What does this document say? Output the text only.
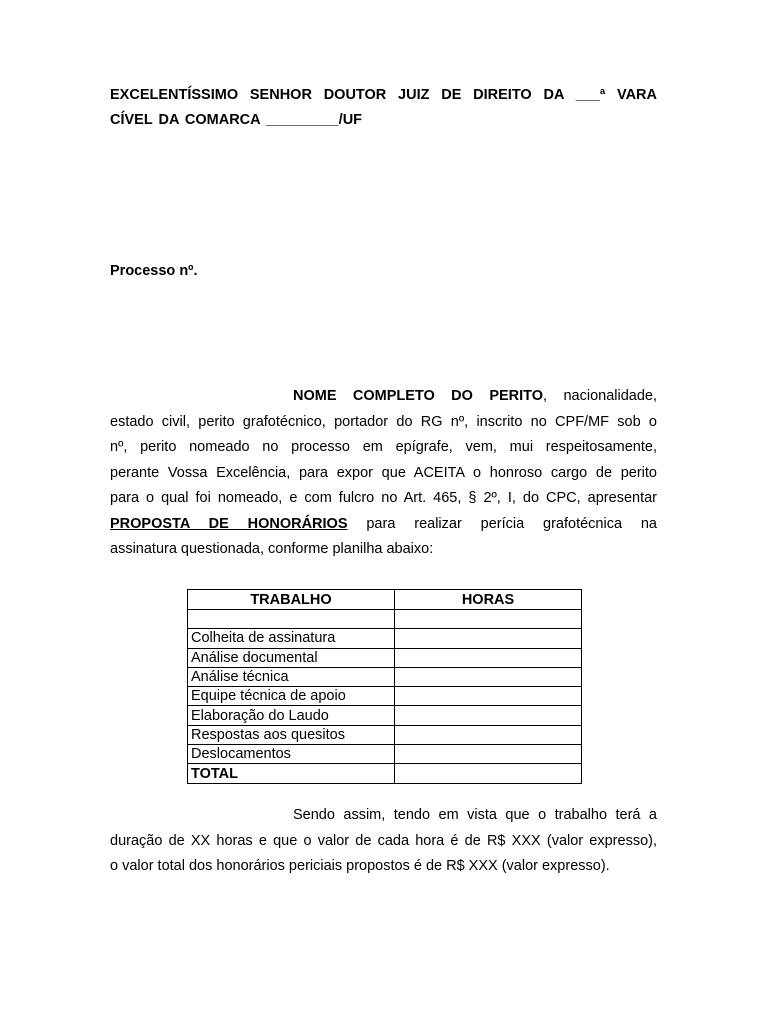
EXCELENTÍSSIMO SENHOR DOUTOR JUIZ DE DIREITO DA ___ª VARA
CÍVEL DA COMARCA _________/UF
Processo nº.
NOME COMPLETO DO PERITO, nacionalidade,
estado civil, perito grafotécnico, portador do RG nº, inscrito no CPF/MF sob o
nº, perito nomeado no processo em epígrafe, vem, mui respeitosamente,
perante Vossa Excelência, para expor que ACEITA o honroso cargo de perito
para o qual foi nomeado, e com fulcro no Art. 465, § 2º, I, do CPC, apresentar
PROPOSTA DE HONORÁRIOS para realizar perícia grafotécnica na
assinatura questionada, conforme planilha abaixo:
TRABALHO	HORAS

Colheita de assinatura	
Análise documental	
Análise técnica	
Equipe técnica de apoio	
Elaboração do Laudo	
Respostas aos quesitos	
Deslocamentos	
TOTAL	
Sendo assim, tendo em vista que o trabalho terá a
duração de XX horas e que o valor de cada hora é de R$ XXX (valor expresso),
o valor total dos honorários periciais propostos é de R$ XXX (valor expresso).
